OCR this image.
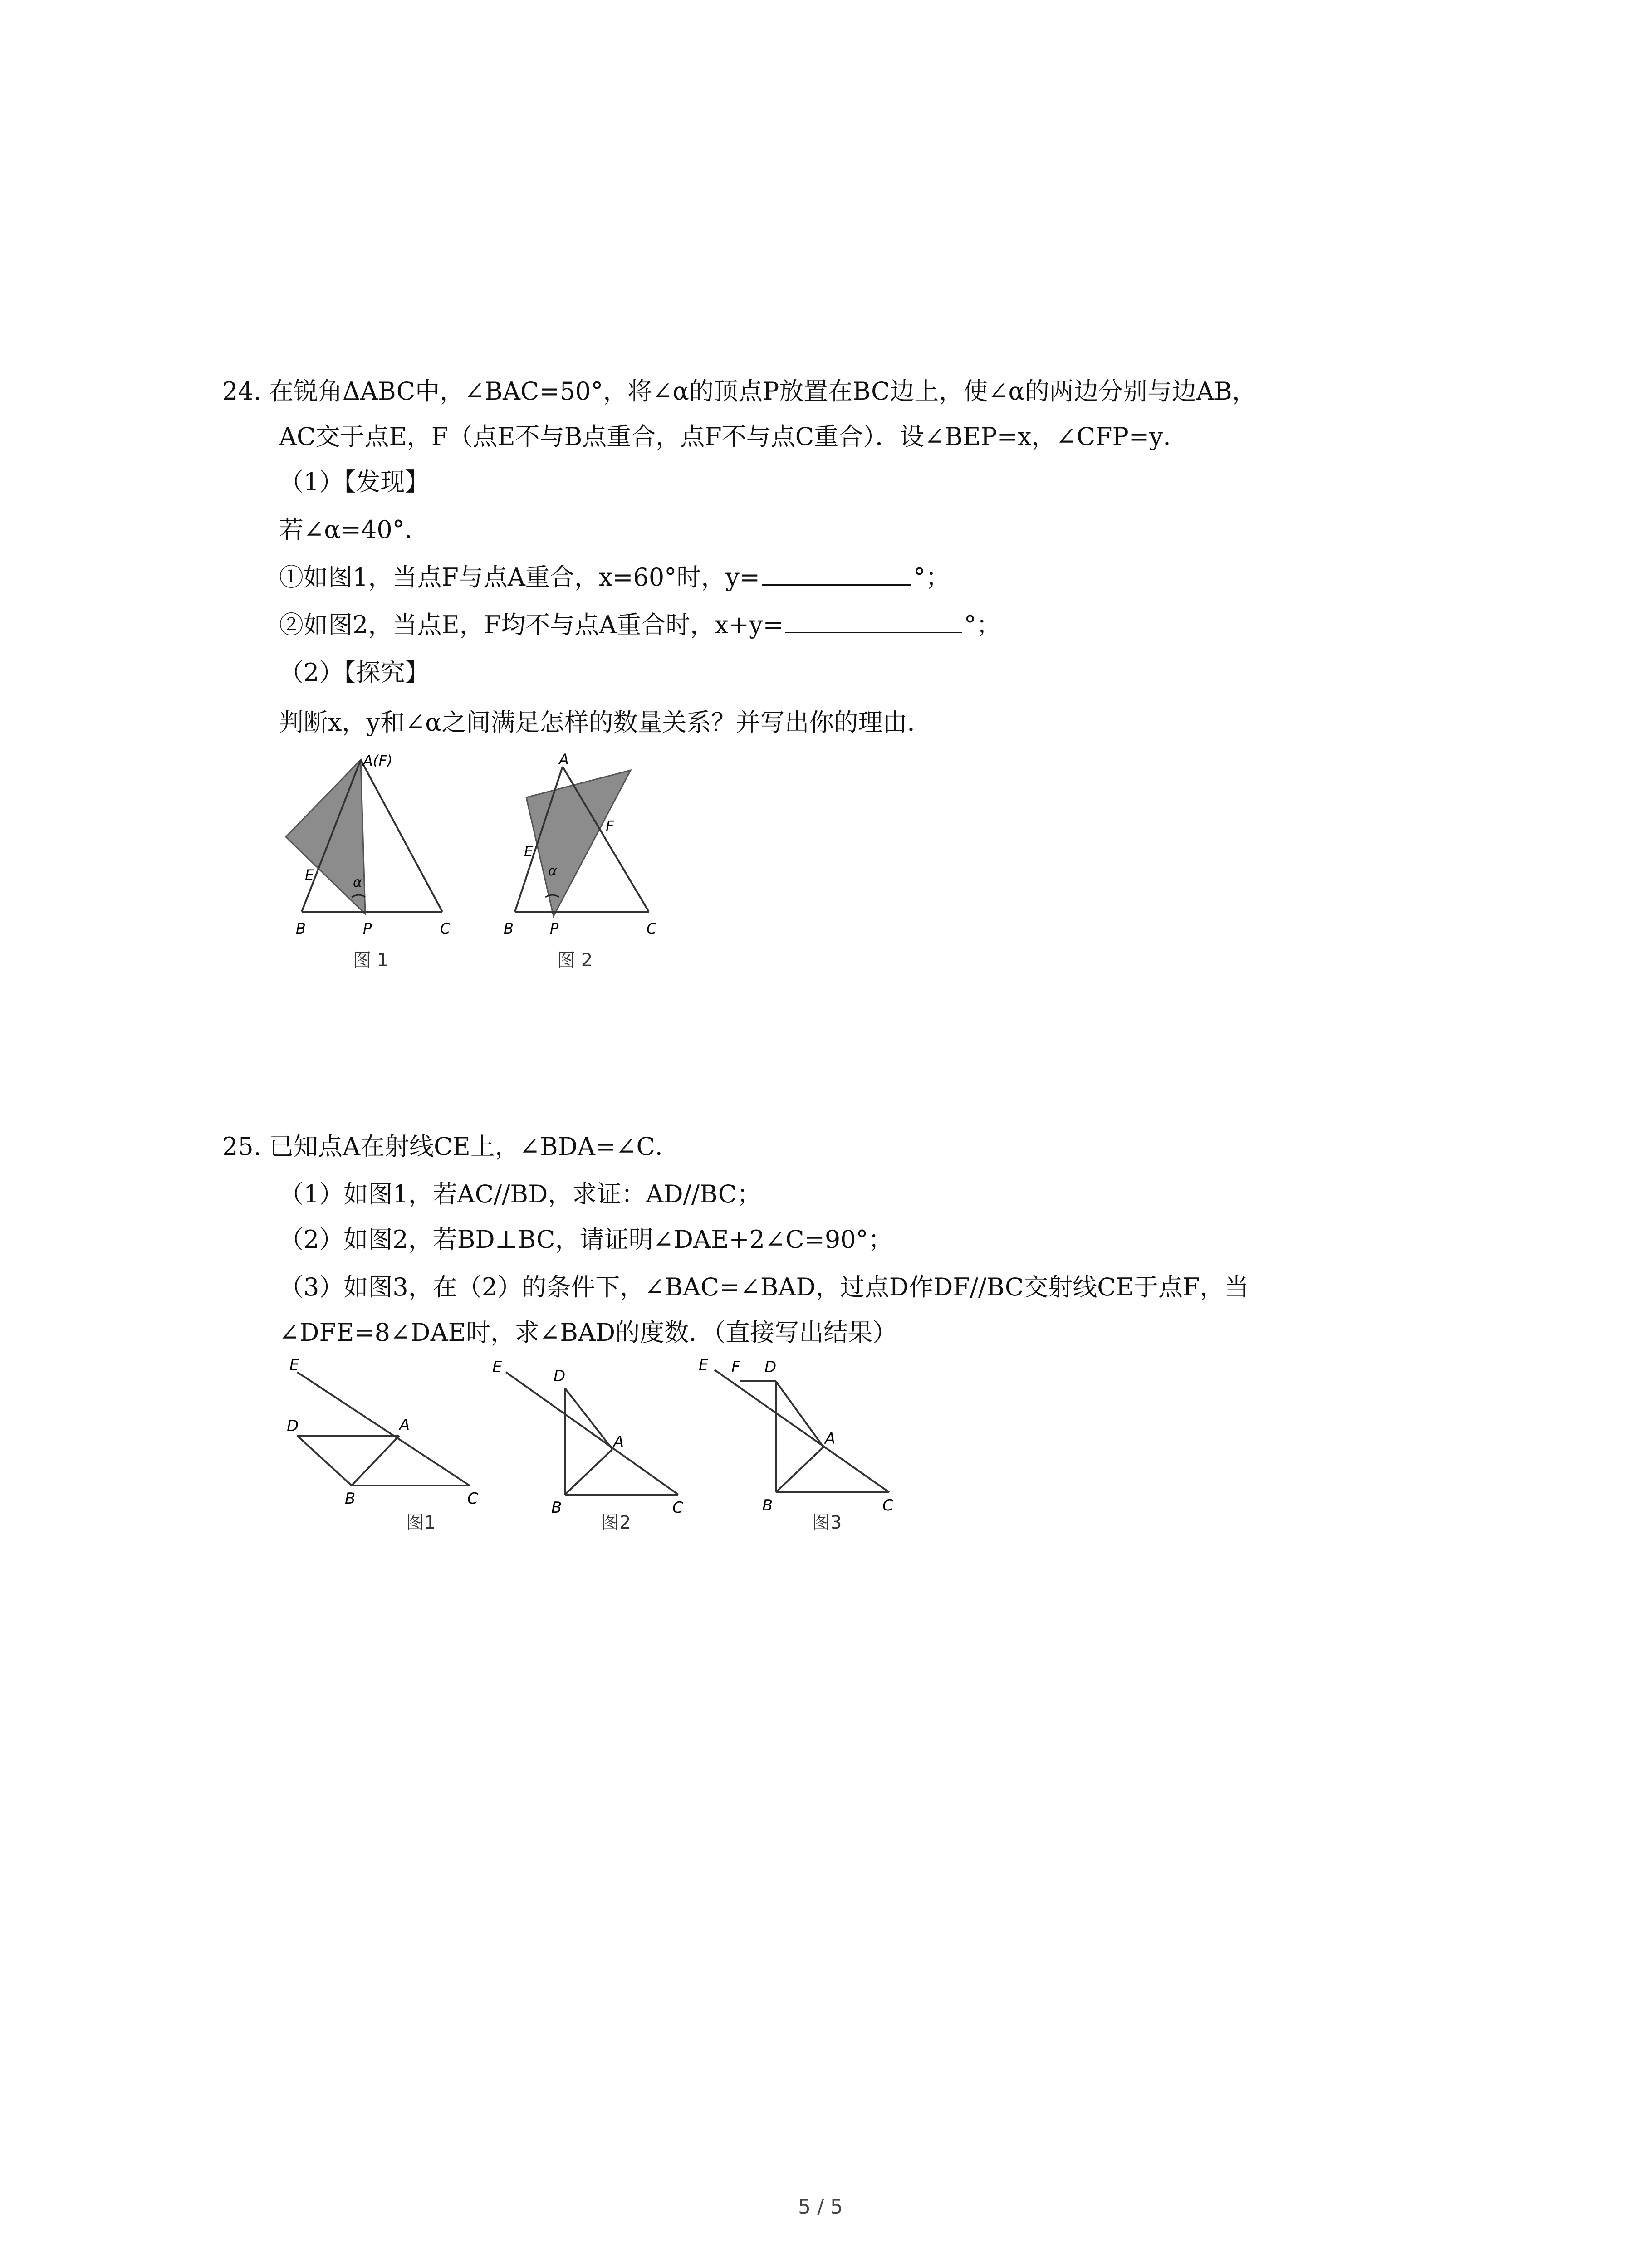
24. 在锐角ΔABC中，∠BAC=50°，将∠α的顶点P放置在BC边上，使∠α的两边分别与边AB，
AC交于点E，F（点E不与B点重合，点F不与点C重合）．设∠BEP=x，∠CFP=y．
（1）【发现】
若∠α=40°．
①如图1，当点F与点A重合，x=60°时，y=	°；
②如图2，当点E，F均不与点A重合时，x+y=	°；
（2）【探究】
判断x，y和∠α之间满足怎样的数量关系？并写出你的理由．
A(F)
E	α
B	P	C
A
E
F
α
B	P	C
图 1	图 2
25. 已知点A在射线CE上，∠BDA=∠C．
（1）如图1，若AC//BD，求证：AD//BC；
（2）如图2，若BD⊥BC，请证明∠DAE+2∠C=90°；
（3）如图3，在（2）的条件下，∠BAC=∠BAD，过点D作DF//BC交射线CE于点F，当
∠DFE=8∠DAE时，求∠BAD的度数．（直接写出结果）
E
D	A
B	C
E	D
A
B	C
E F D
A
B	C
图1	图2	图3
5 / 5
